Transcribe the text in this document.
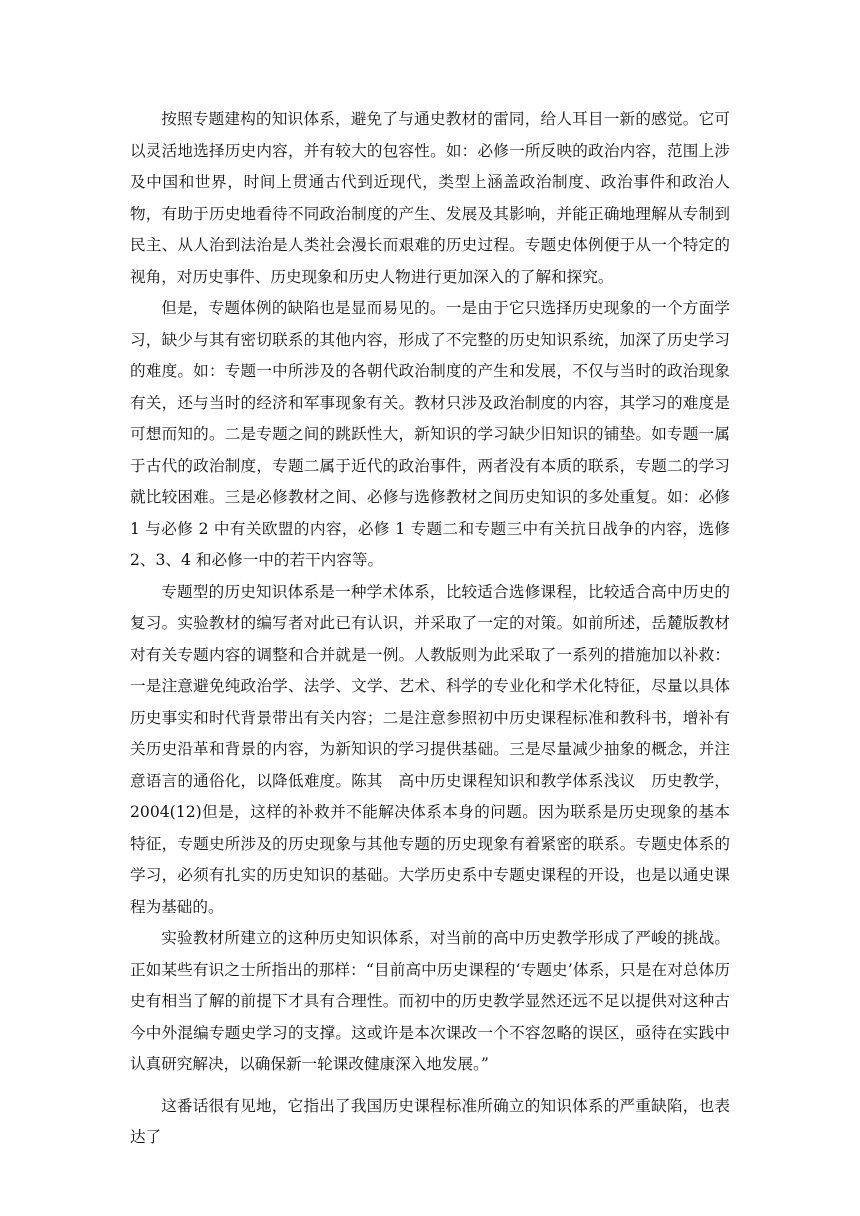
按照专题建构的知识体系，避免了与通史教材的雷同，给人耳目一新的感觉。它可以灵活地选择历史内容，并有较大的包容性。如：必修一所反映的政治内容，范围上涉及中国和世界，时间上贯通古代到近现代，类型上涵盖政治制度、政治事件和政治人物，有助于历史地看待不同政治制度的产生、发展及其影响，并能正确地理解从专制到民主、从人治到法治是人类社会漫长而艰难的历史过程。专题史体例便于从一个特定的视角，对历史事件、历史现象和历史人物进行更加深入的了解和探究。

但是，专题体例的缺陷也是显而易见的。一是由于它只选择历史现象的一个方面学习，缺少与其有密切联系的其他内容，形成了不完整的历史知识系统，加深了历史学习的难度。如：专题一中所涉及的各朝代政治制度的产生和发展，不仅与当时的政治现象有关，还与当时的经济和军事现象有关。教材只涉及政治制度的内容，其学习的难度是可想而知的。二是专题之间的跳跃性大，新知识的学习缺少旧知识的铺垫。如专题一属于古代的政治制度，专题二属于近代的政治事件，两者没有本质的联系，专题二的学习就比较困难。三是必修教材之间、必修与选修教材之间历史知识的多处重复。如：必修 1 与必修 2 中有关欧盟的内容，必修 1 专题二和专题三中有关抗日战争的内容，选修 2、3、4 和必修一中的若干内容等。

专题型的历史知识体系是一种学术体系，比较适合选修课程，比较适合高中历史的复习。实验教材的编写者对此已有认识，并采取了一定的对策。如前所述，岳麓版教材对有关专题内容的调整和合并就是一例。人教版则为此采取了一系列的措施加以补救：一是注意避免纯政治学、法学、文学、艺术、科学的专业化和学术化特征，尽量以具体历史事实和时代背景带出有关内容；二是注意参照初中历史课程标准和教科书，增补有关历史沿革和背景的内容，为新知识的学习提供基础。三是尽量减少抽象的概念，并注意语言的通俗化，以降低难度。陈其　高中历史课程知识和教学体系浅议　历史教学，2004(12)但是，这样的补救并不能解决体系本身的问题。因为联系是历史现象的基本特征，专题史所涉及的历史现象与其他专题的历史现象有着紧密的联系。专题史体系的学习，必须有扎实的历史知识的基础。大学历史系中专题史课程的开设，也是以通史课程为基础的。

实验教材所建立的这种历史知识体系，对当前的高中历史教学形成了严峻的挑战。正如某些有识之士所指出的那样：“目前高中历史课程的‘专题史’体系，只是在对总体历史有相当了解的前提下才具有合理性。而初中的历史教学显然还远不足以提供对这种古今中外混编专题史学习的支撑。这或许是本次课改一个不容忽略的误区，亟待在实践中认真研究解决，以确保新一轮课改健康深入地发展。”

这番话很有见地，它指出了我国历史课程标准所确立的知识体系的严重缺陷，也表达了
